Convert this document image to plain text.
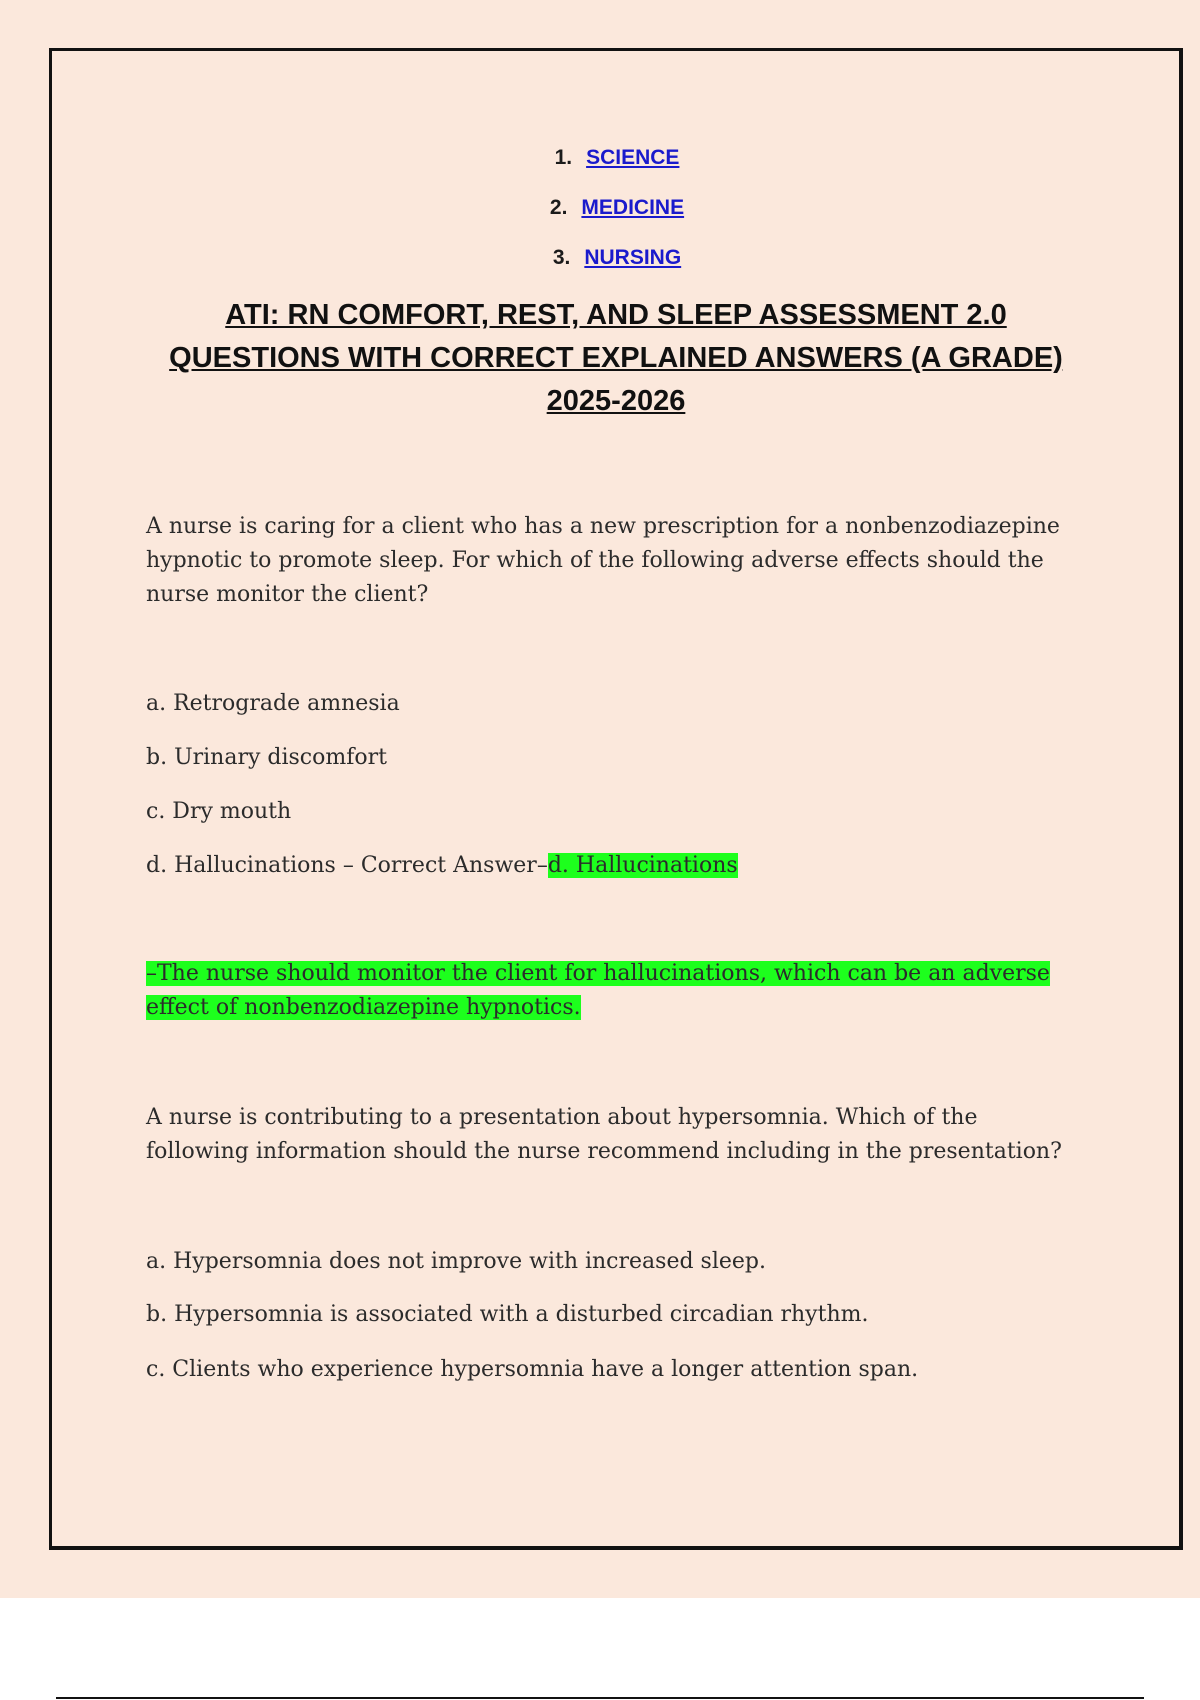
1. SCIENCE
2. MEDICINE
3. NURSING
ATI: RN COMFORT, REST, AND SLEEP ASSESSMENT 2.0
QUESTIONS WITH CORRECT EXPLAINED ANSWERS (A GRADE)
2025-2026

A nurse is caring for a client who has a new prescription for a nonbenzodiazepine hypnotic to promote sleep. For which of the following adverse effects should the nurse monitor the client?

a. Retrograde amnesia

b. Urinary discomfort

c. Dry mouth

d. Hallucinations – Correct Answer–d. Hallucinations

–The nurse should monitor the client for hallucinations, which can be an adverse effect of nonbenzodiazepine hypnotics.

A nurse is contributing to a presentation about hypersomnia. Which of the following information should the nurse recommend including in the presentation?

a. Hypersomnia does not improve with increased sleep.

b. Hypersomnia is associated with a disturbed circadian rhythm.

c. Clients who experience hypersomnia have a longer attention span.
